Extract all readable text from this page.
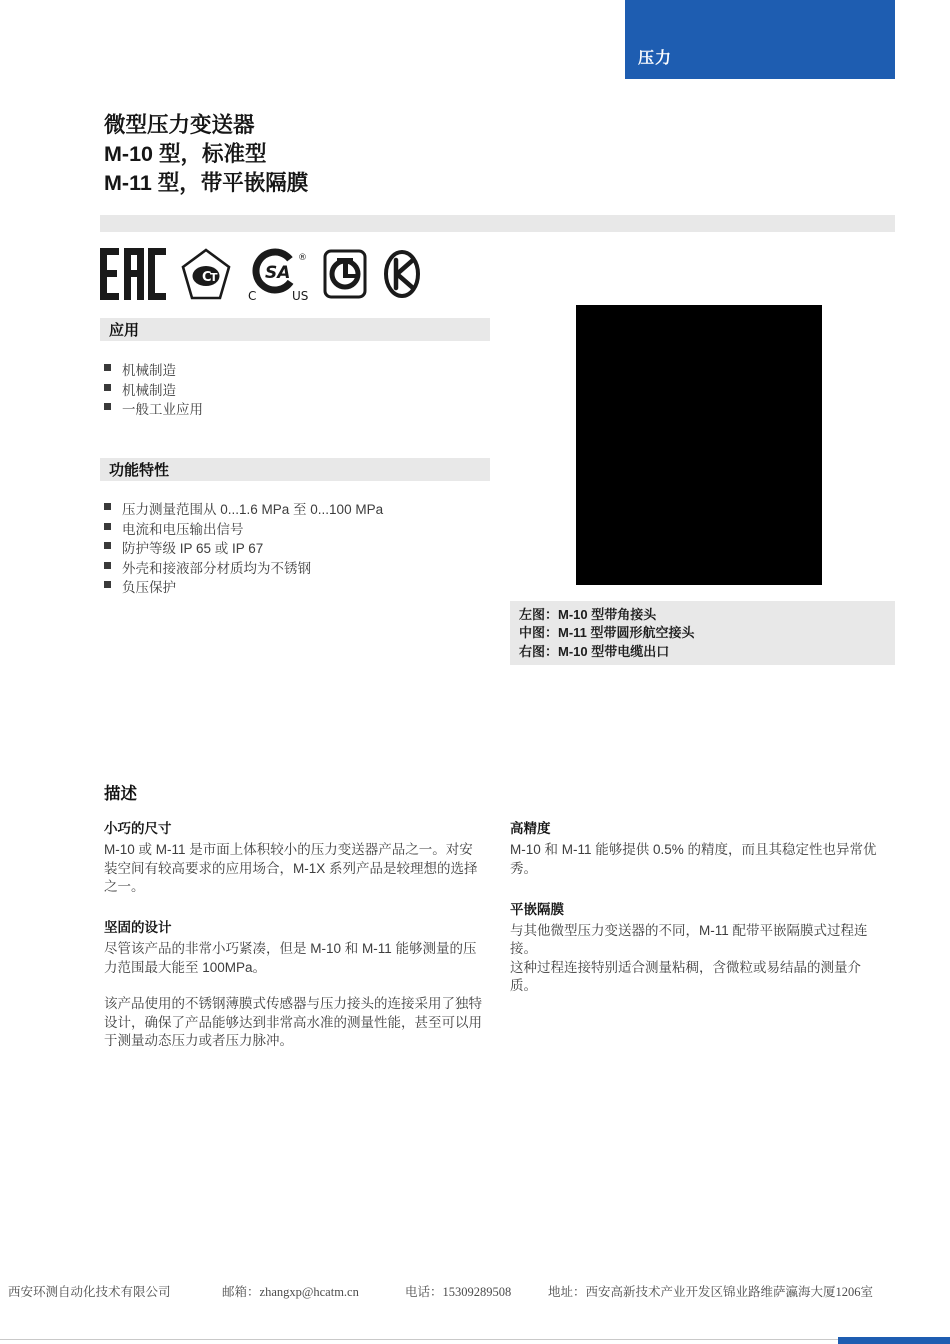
压力
微型压力变送器
M-10 型，标准型
M-11 型，带平嵌隔膜
C
T	SA
®
C	US
应用
机械制造
机械制造
一般工业应用
功能特性
压力测量范围从 0...1.6 MPa 至 0...100 MPa
电流和电压输出信号
防护等级 IP 65 或 IP 67
外壳和接液部分材质均为不锈钢
负压保护
左图：M-10 型带角接头
中图：M-11 型带圆形航空接头
右图：M-10 型带电缆出口
描述
小巧的尺寸

M-10 或 M-11 是市面上体积较小的压力变送器产品之一。对安装空间有较高要求的应用场合，M-1X 系列产品是较理想的选择之一。

坚固的设计

尽管该产品的非常小巧紧凑，但是 M-10 和 M-11 能够测量的压力范围最大能至 100MPa。

该产品使用的不锈钢薄膜式传感器与压力接头的连接采用了独特设计，确保了产品能够达到非常高水准的测量性能，甚至可以用于测量动态压力或者压力脉冲。

高精度

M-10 和 M-11 能够提供 0.5% 的精度，而且其稳定性也异常优秀。

平嵌隔膜

与其他微型压力变送器的不同，M-11 配带平嵌隔膜式过程连接。

这种过程连接特别适合测量粘稠，含微粒或易结晶的测量介质。

西安环测自动化技术有限公司	邮箱：zhangxp@hcatm.cn	电话：15309289508	地址：西安高新技术产业开发区锦业路维萨瀛海大厦1206室
